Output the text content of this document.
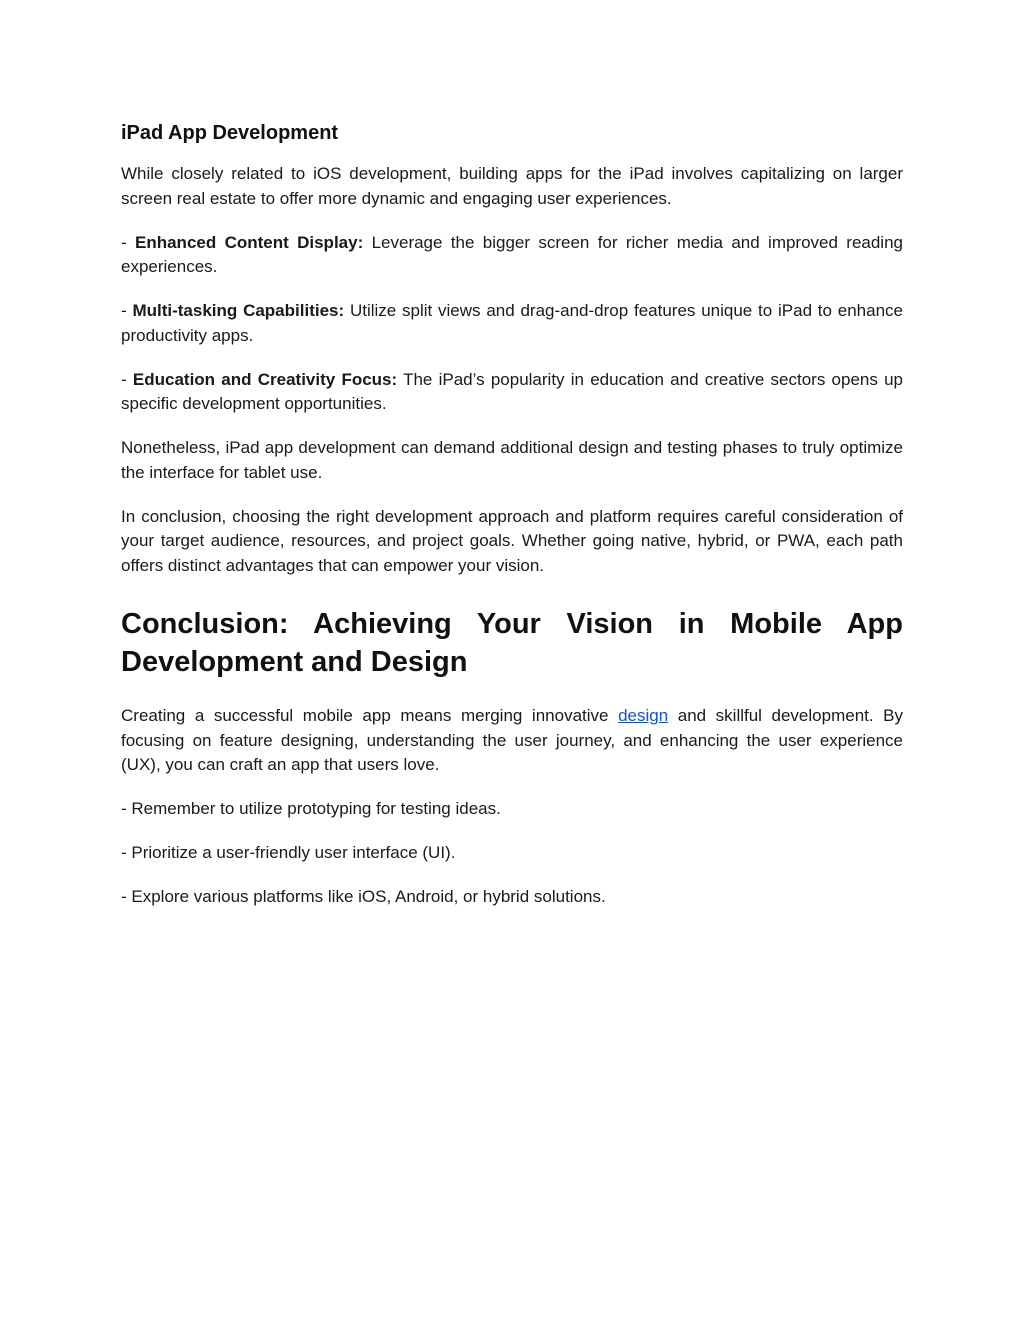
iPad App Development

While closely related to iOS development, building apps for the iPad involves capitalizing on larger screen real estate to offer more dynamic and engaging user experiences.

- Enhanced Content Display: Leverage the bigger screen for richer media and improved reading experiences.

- Multi-tasking Capabilities: Utilize split views and drag-and-drop features unique to iPad to enhance productivity apps.

- Education and Creativity Focus: The iPad’s popularity in education and creative sectors opens up specific development opportunities.

Nonetheless, iPad app development can demand additional design and testing phases to truly optimize the interface for tablet use.

In conclusion, choosing the right development approach and platform requires careful consideration of your target audience, resources, and project goals. Whether going native, hybrid, or PWA, each path offers distinct advantages that can empower your vision.

Conclusion: Achieving Your Vision in Mobile App Development and Design

Creating a successful mobile app means merging innovative design and skillful development. By focusing on feature designing, understanding the user journey, and enhancing the user experience (UX), you can craft an app that users love.

- Remember to utilize prototyping for testing ideas.

- Prioritize a user-friendly user interface (UI).

- Explore various platforms like iOS, Android, or hybrid solutions.
